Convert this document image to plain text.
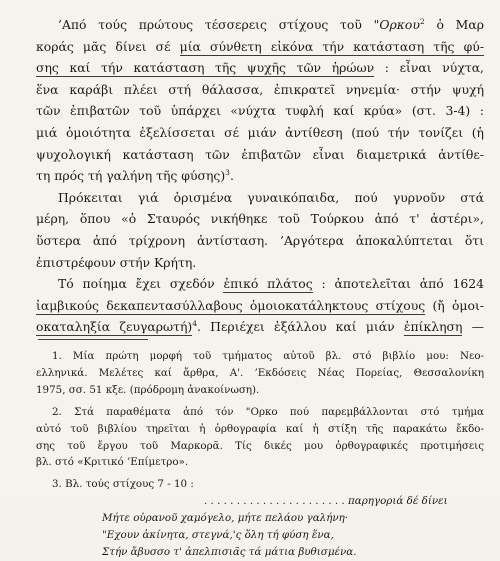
’Από τούς πρώτους τέσσερεις στίχους τοῦ "Ορκου$^2$ ὁ Μαρ
κοράς μᾶς δίνει σέ μία σύνθετη εἰκόνα τήν κατάσταση τῆς φύ-
σης καί τήν κατάσταση τῆς ψυχῆς τῶν ἡρώων : εἶναι νύχτα,
ἕνα καράβι πλέει στή θάλασσα, ἐπικρατεῖ νηνεμία· στήν ψυχή
τῶν ἐπιβατῶν τοῦ ὑπάρχει «νύχτα τυφλή καί κρύα» (στ. 3-4) :
μιά ὁμοιότητα ἐξελίσσεται σέ μιάν ἀντίθεση (πού τήν τονίζει (ἡ
ψυχολογική κατάσταση τῶν ἐπιβατῶν εἶναι διαμετρικά ἀντίθε-
τη πρός τή γαλήνη τῆς φύσης)$^3$.
Πρόκειται γιά ὁρισμένα γυναικόπαιδα, πού γυρνοῦν στά
μέρη, ὅπου «ὁ Σταυρός νικήθηκε τοῦ Τούρκου ἀπό τ' ἀστέρι»,
ὕστερα ἀπό τρίχρονη ἀντίσταση. ’Αργότερα ἀποκαλύπτεται ὅτι
ἐπιστρέφουν στήν Κρήτη.
Τό ποίημα ἔχει σχεδόν ἐπικό πλάτος : ἀποτελεῖται ἀπό 1624
ἰαμβικούς δεκαπεντασύλλαβους ὁμοιοκατάληκτους στίχους (ἤ ὁμοι-
οκαταληξία ζευγαρωτή)$^4$. Περιέχει ἐξάλλου καί μιάν ἐπίκληση —
1. Μία πρώτη μορφή τοῦ τμήματος αὐτοῦ βλ. στό βιβλίο μου: Νεο-
ελληνικά. Μελέτες καί ἄρθρα, Α'. ’Εκδόσεις Νέας Πορείας, Θεσσαλονίκη
1975, σσ. 51 κξε. (πρόδρομη ἀνακοίνωση).
2. Στά παραθέματα ἀπό τόν "Ορκο πού παρεμβάλλονται στό τμήμα
αὐτό τοῦ βιβλίου τηρεῖται ἡ ὀρθογραφία καί ἡ στίξη τῆς παρακάτω ἔκδο-
σης τοῦ ἔργου τοῦ Μαρκορᾶ. Τίς δικές μου ὀρθογραφικές προτιμήσεις
βλ. στό «Κριτικό ’Επίμετρο».
3. Βλ. τούς στίχους 7 - 10 :
. . . . . . . . . . . . . . . . . . . . . . παρηγοριά δέ δίνει
Μήτε οὐρανοῦ χαμόγελο, μήτε πελάου γαλήνη·
"Εχουν ἀκίνητα, στεγνά,'ς ὅλη τή φύση ἕνα,
Στήν ἄβυσσο τ' ἀπελπισιᾶς τά μάτια βυθισμένα.
